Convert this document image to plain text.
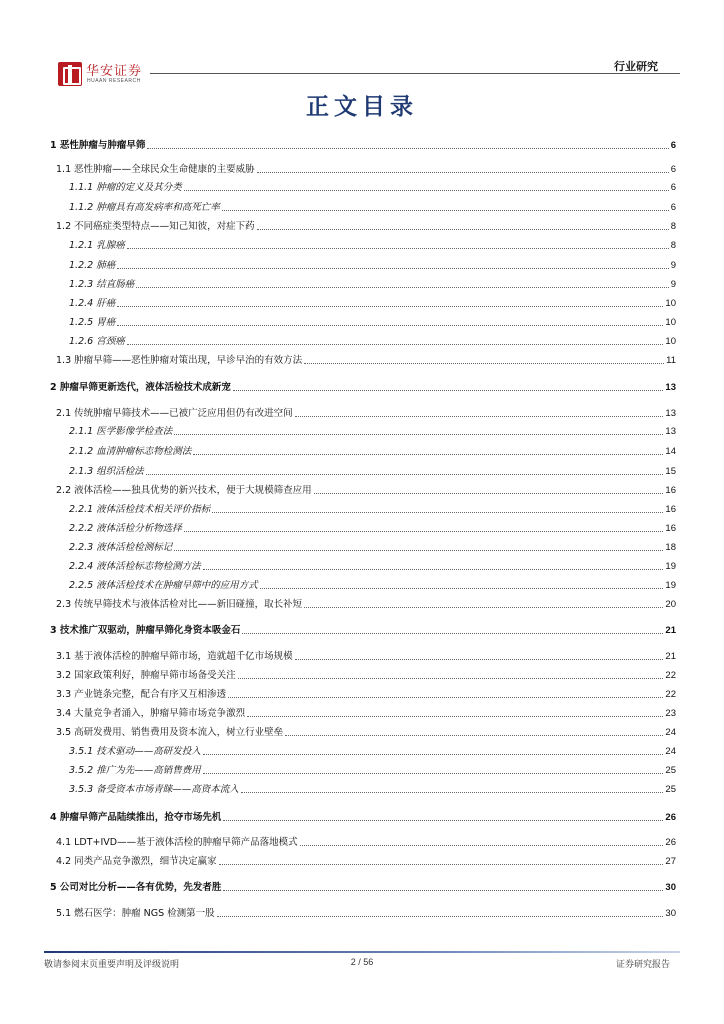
华安证券
HUAAN RESEARCH
行业研究
正文目录
1 恶性肿瘤与肿瘤早筛	6
1.1 恶性肿瘤——全球民众生命健康的主要威胁	6
1.1.1 肿瘤的定义及其分类	6
1.1.2 肿瘤具有高发病率和高死亡率	6
1.2 不同癌症类型特点——知己知彼，对症下药	8
1.2.1 乳腺癌	8
1.2.2 肺癌	9
1.2.3 结直肠癌	9
1.2.4 肝癌	10
1.2.5 胃癌	10
1.2.6 宫颈癌	10
1.3 肿瘤早筛——恶性肿瘤对策出现，早诊早治的有效方法	11
2 肿瘤早筛更新迭代，液体活检技术成新宠	13
2.1 传统肿瘤早筛技术——已被广泛应用但仍有改进空间	13
2.1.1 医学影像学检查法	13
2.1.2 血清肿瘤标志物检测法	14
2.1.3 组织活检法	15
2.2 液体活检——独具优势的新兴技术，便于大规模筛查应用	16
2.2.1 液体活检技术相关评价指标	16
2.2.2 液体活检分析物选择	16
2.2.3 液体活检检测标记	18
2.2.4 液体活检标志物检测方法	19
2.2.5 液体活检技术在肿瘤早筛中的应用方式	19
2.3 传统早筛技术与液体活检对比——新旧碰撞，取长补短	20
3 技术推广双驱动，肿瘤早筛化身资本吸金石	21
3.1 基于液体活检的肿瘤早筛市场，造就超千亿市场规模	21
3.2 国家政策利好，肿瘤早筛市场备受关注	22
3.3 产业链条完整，配合有序又互相渗透	22
3.4 大量竞争者涌入，肿瘤早筛市场竞争激烈	23
3.5 高研发费用、销售费用及资本流入，树立行业壁垒	24
3.5.1 技术驱动——高研发投入	24
3.5.2 推广为先——高销售费用	25
3.5.3 备受资本市场青睐——高资本流入	25
4 肿瘤早筛产品陆续推出，抢夺市场先机	26
4.1 LDT+IVD——基于液体活检的肿瘤早筛产品落地模式	26
4.2 同类产品竞争激烈，细节决定赢家	27
5 公司对比分析——各有优势，先发者胜	30
5.1 燃石医学：肿瘤 NGS 检测第一股	30
敬请参阅末页重要声明及评级说明	2 / 56	证券研究报告
